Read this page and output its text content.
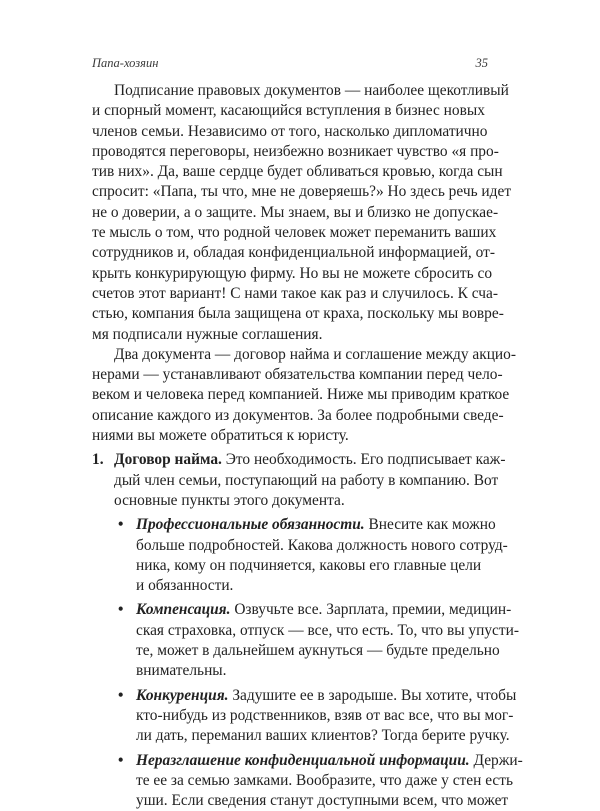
Папа-хозяин	35
Подписание правовых документов — наиболее щекотливый
и спорный момент, касающийся вступления в бизнес новых
членов семьи. Независимо от того, насколько дипломатично
проводятся переговоры, неизбежно возникает чувство «я про-
тив них». Да, ваше сердце будет обливаться кровью, когда сын
спросит: «Папа, ты что, мне не доверяешь?» Но здесь речь идет
не о доверии, а о защите. Мы знаем, вы и близко не допускае-
те мысль о том, что родной человек может переманить ваших
сотрудников и, обладая конфиденциальной информацией, от-
крыть конкурирующую фирму. Но вы не можете сбросить со
счетов этот вариант! С нами такое как раз и случилось. К сча-
стью, компания была защищена от краха, поскольку мы вовре-
мя подписали нужные соглашения.
Два документа — договор найма и соглашение между акцио-
нерами — устанавливают обязательства компании перед чело-
веком и человека перед компанией. Ниже мы приводим краткое
описание каждого из документов. За более подробными сведе-
ниями вы можете обратиться к юристу.
1. Договор найма. Это необходимость. Его подписывает каж-
дый член семьи, поступающий на работу в компанию. Вот
основные пункты этого документа.
• Профессиональные обязанности. Внесите как можно
больше подробностей. Какова должность нового сотруд-
ника, кому он подчиняется, каковы его главные цели
и обязанности.
• Компенсация. Озвучьте все. Зарплата, премии, медицин-
ская страховка, отпуск — все, что есть. То, что вы упусти-
те, может в дальнейшем аукнуться — будьте предельно
внимательны.
• Конкуренция. Задушите ее в зародыше. Вы хотите, чтобы
кто-нибудь из родственников, взяв от вас все, что вы мог-
ли дать, переманил ваших клиентов? Тогда берите ручку.
• Неразглашение конфиденциальной информации. Держи-
те ее за семью замками. Вообразите, что даже у стен есть
уши. Если сведения станут доступными всем, что может
